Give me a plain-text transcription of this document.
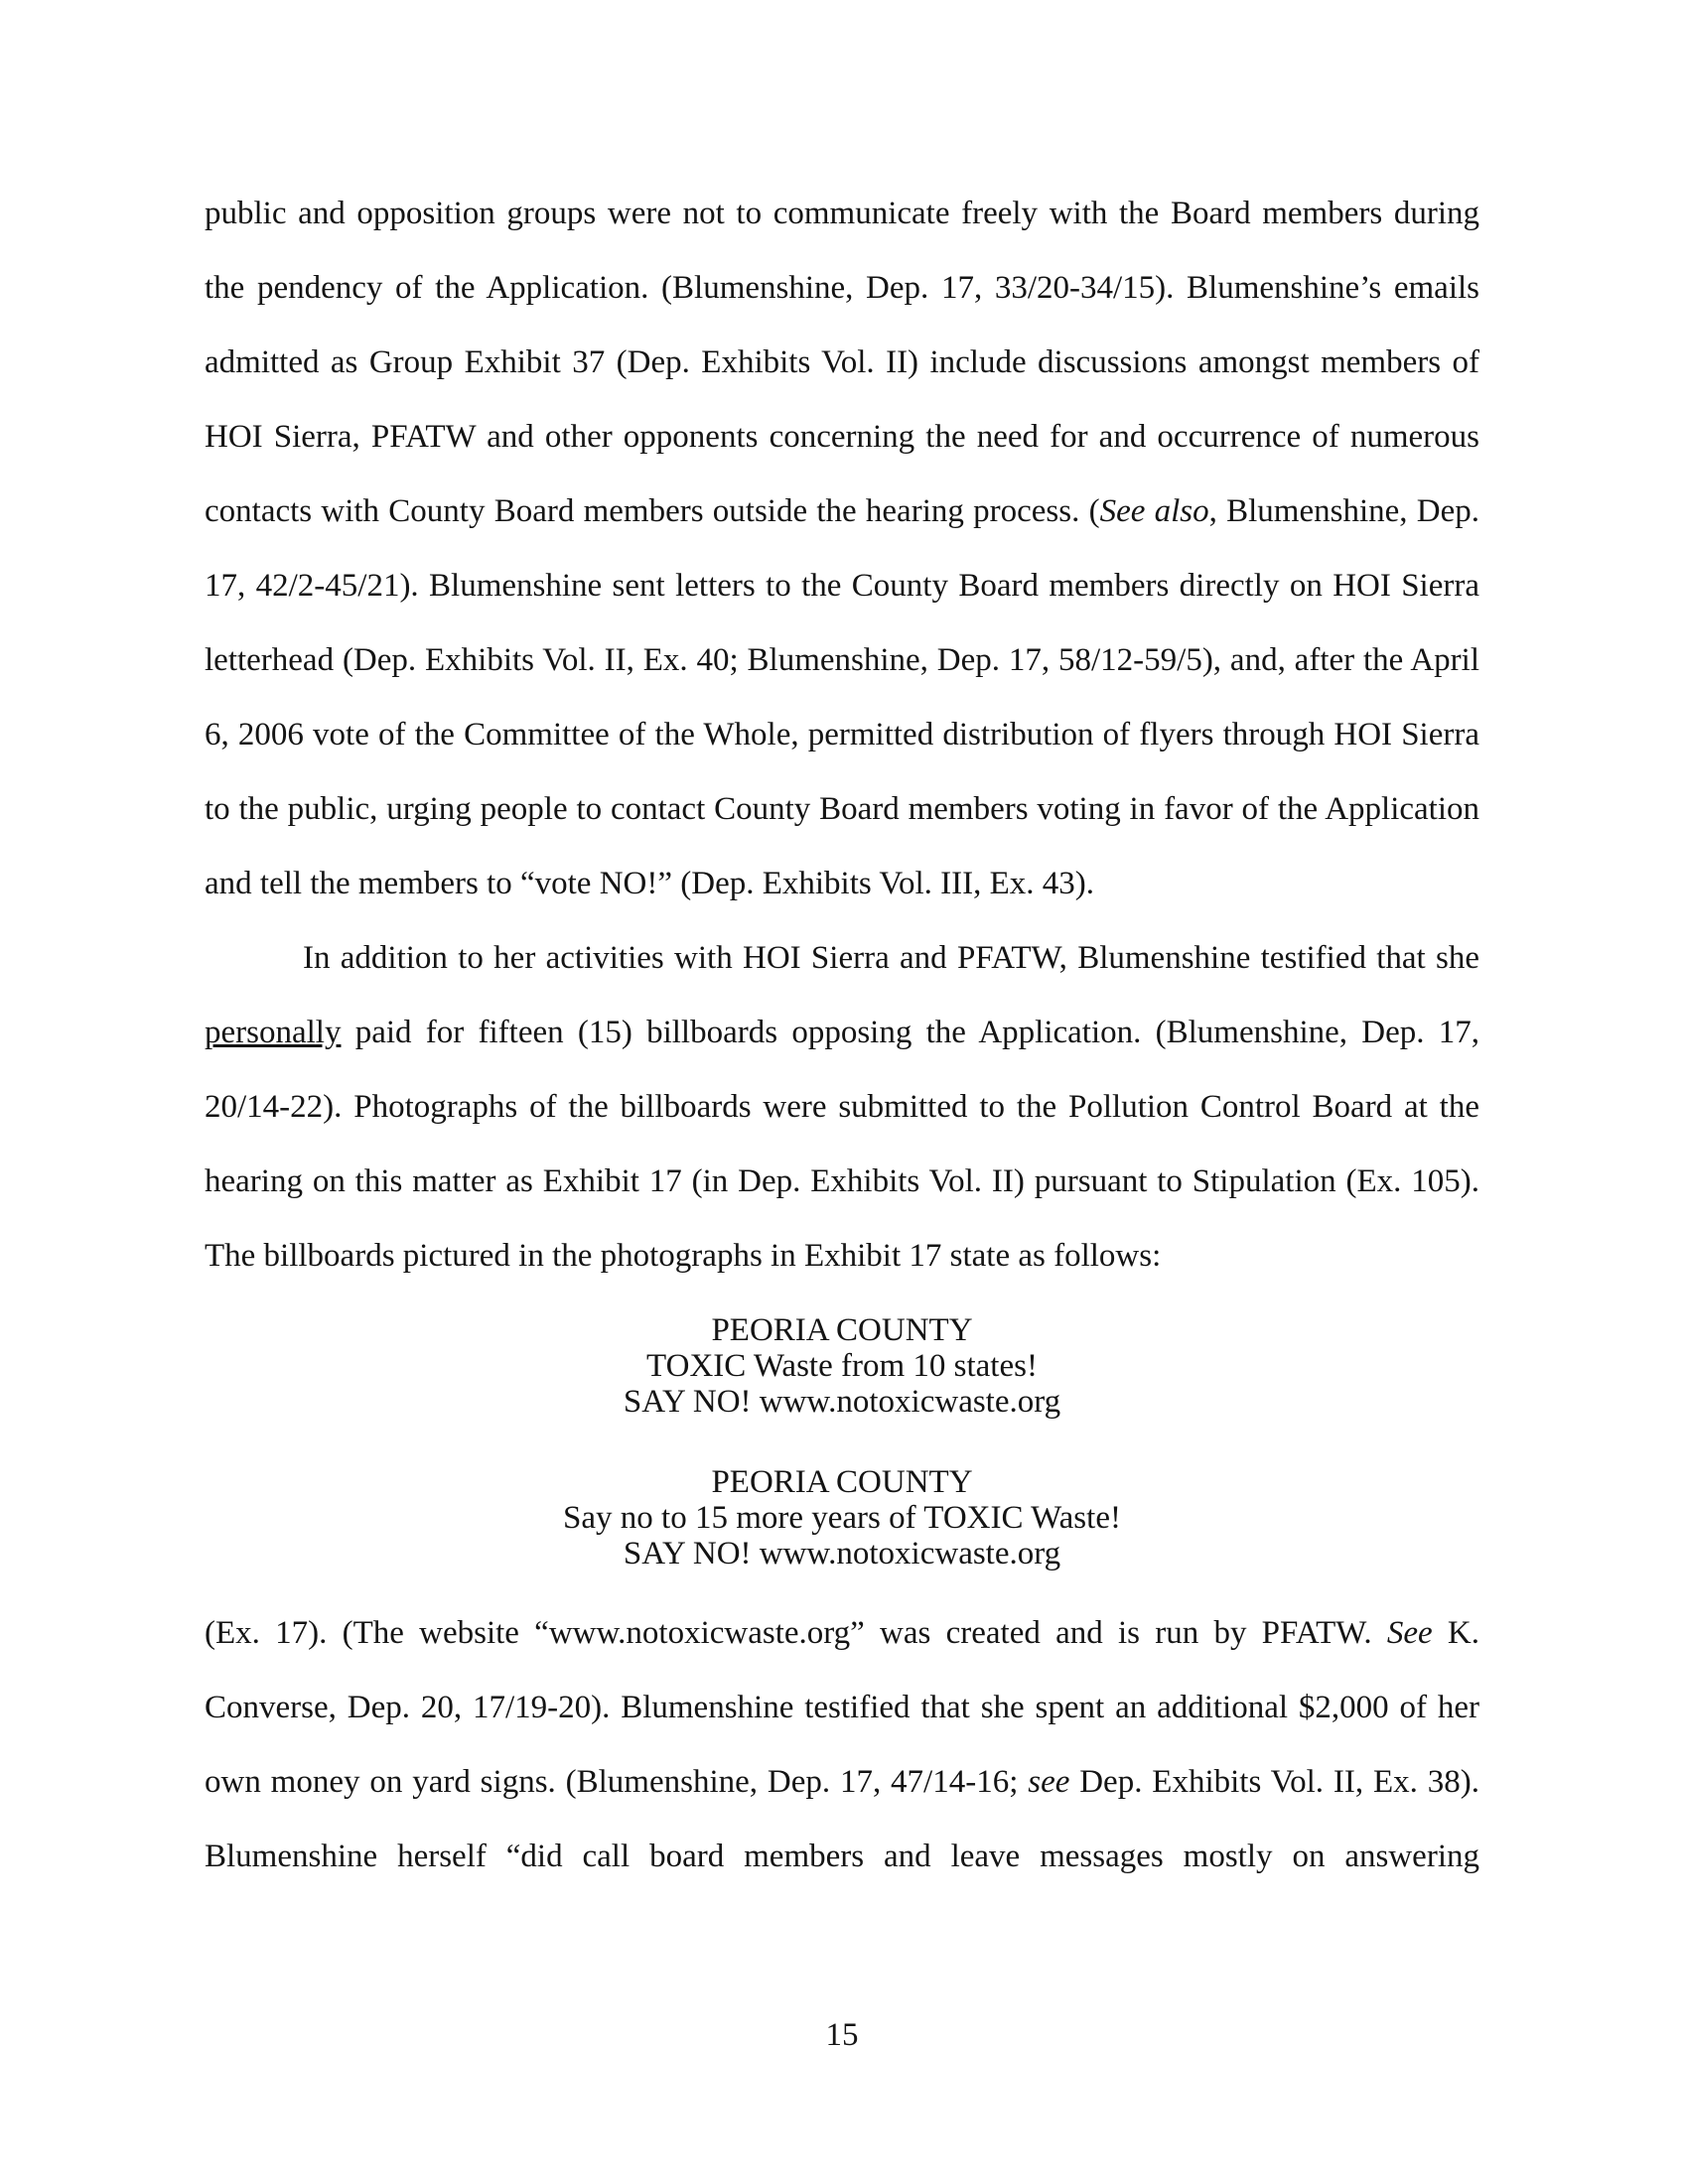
public and opposition groups were not to communicate freely with the Board members during
the pendency of the Application. (Blumenshine, Dep. 17, 33/20-34/15). Blumenshine’s emails
admitted as Group Exhibit 37 (Dep. Exhibits Vol. II) include discussions amongst members of
HOI Sierra, PFATW and other opponents concerning the need for and occurrence of numerous
contacts with County Board members outside the hearing process. (See also, Blumenshine, Dep.
17, 42/2-45/21). Blumenshine sent letters to the County Board members directly on HOI Sierra
letterhead (Dep. Exhibits Vol. II, Ex. 40; Blumenshine, Dep. 17, 58/12-59/5), and, after the April
6, 2006 vote of the Committee of the Whole, permitted distribution of flyers through HOI Sierra
to the public, urging people to contact County Board members voting in favor of the Application
and tell the members to “vote NO!” (Dep. Exhibits Vol. III, Ex. 43).
In addition to her activities with HOI Sierra and PFATW, Blumenshine testified that she
personally paid for fifteen (15) billboards opposing the Application. (Blumenshine, Dep. 17,
20/14-22). Photographs of the billboards were submitted to the Pollution Control Board at the
hearing on this matter as Exhibit 17 (in Dep. Exhibits Vol. II) pursuant to Stipulation (Ex. 105).
The billboards pictured in the photographs in Exhibit 17 state as follows:
PEORIA COUNTY
TOXIC Waste from 10 states!
SAY NO! www.notoxicwaste.org
PEORIA COUNTY
Say no to 15 more years of TOXIC Waste!
SAY NO! www.notoxicwaste.org
(Ex. 17). (The website “www.notoxicwaste.org” was created and is run by PFATW. See K.
Converse, Dep. 20, 17/19-20). Blumenshine testified that she spent an additional $2,000 of her
own money on yard signs. (Blumenshine, Dep. 17, 47/14-16; see Dep. Exhibits Vol. II, Ex. 38).
Blumenshine herself “did call board members and leave messages mostly on answering
15
